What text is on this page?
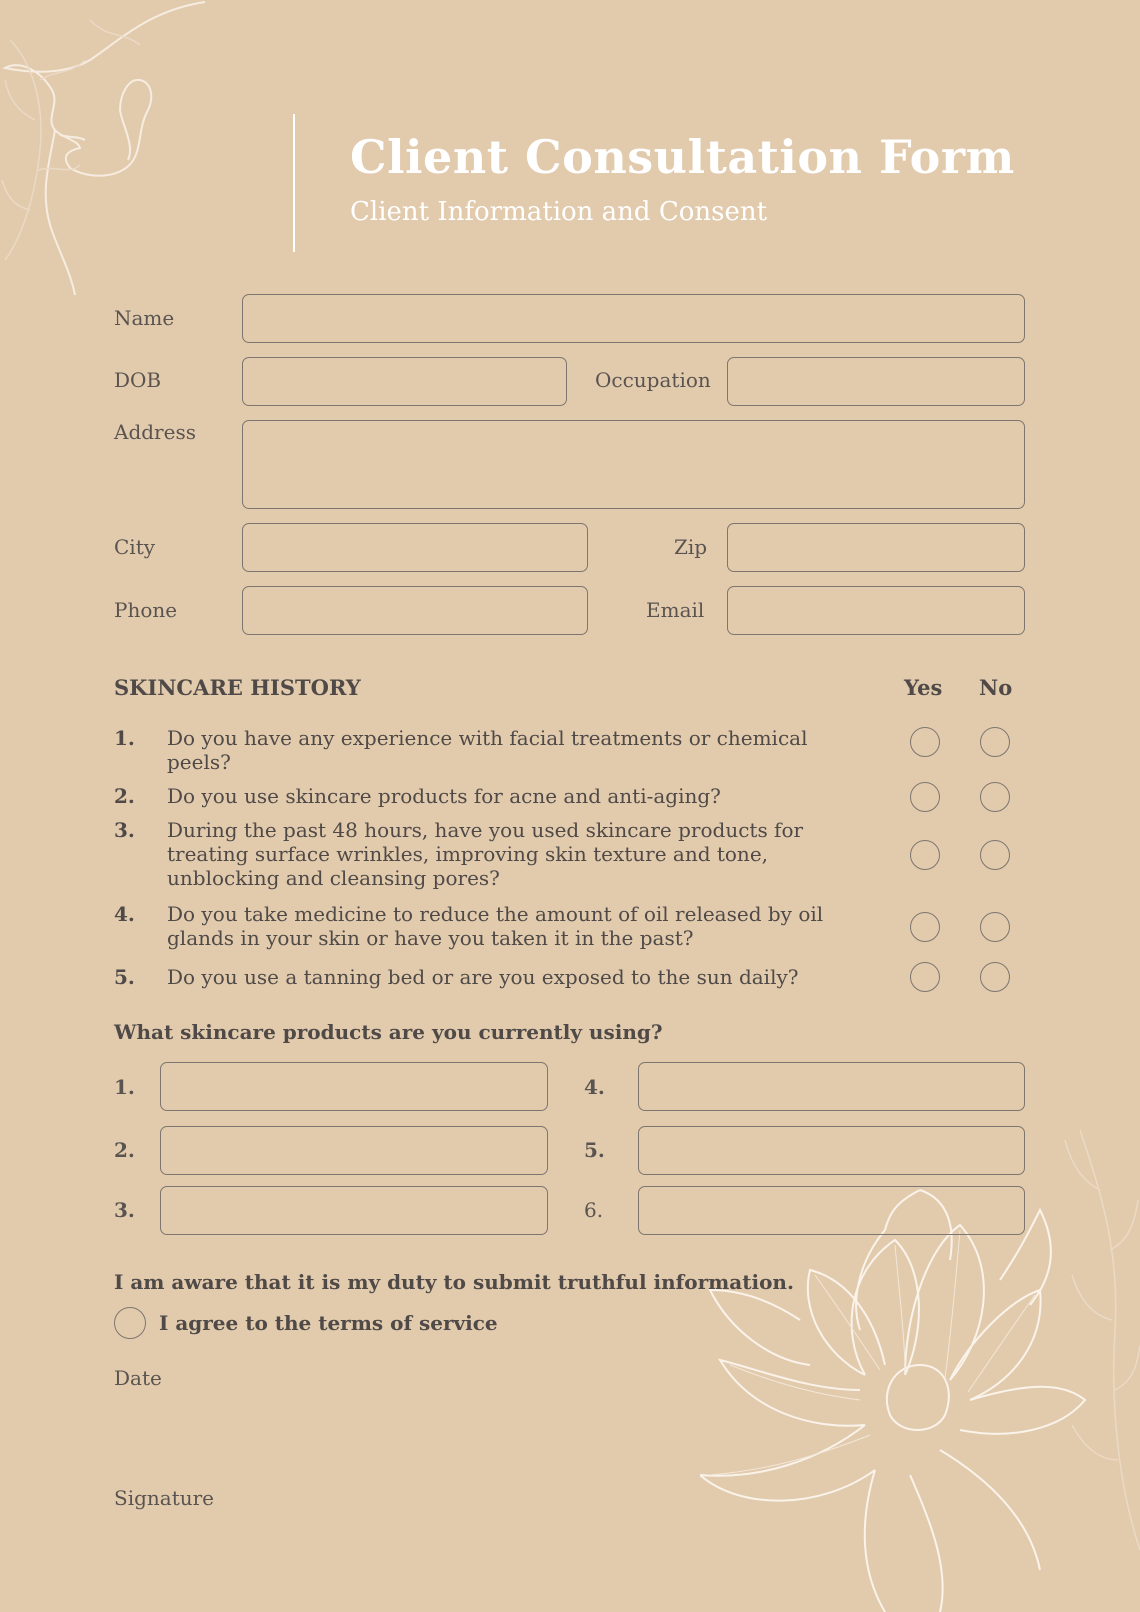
Client Consultation Form
Client Information and Consent
Name
DOB	Occupation
Address
City	Zip
Phone	Email
SKINCARE HISTORY	Yes No
1. Do you have any experience with facial treatments or chemical peels?
2. Do you use skincare products for acne and anti-aging?
3. During the past 48 hours, have you used skincare products for treating surface wrinkles, improving skin texture and tone, unblocking and cleansing pores?
4. Do you take medicine to reduce the amount of oil released by oil glands in your skin or have you taken it in the past?
5. Do you use a tanning bed or are you exposed to the sun daily?
What skincare products are you currently using?
1.	4.
2.	5.
3.	6.
I am aware that it is my duty to submit truthful information.
I agree to the terms of service
Date
Signature
